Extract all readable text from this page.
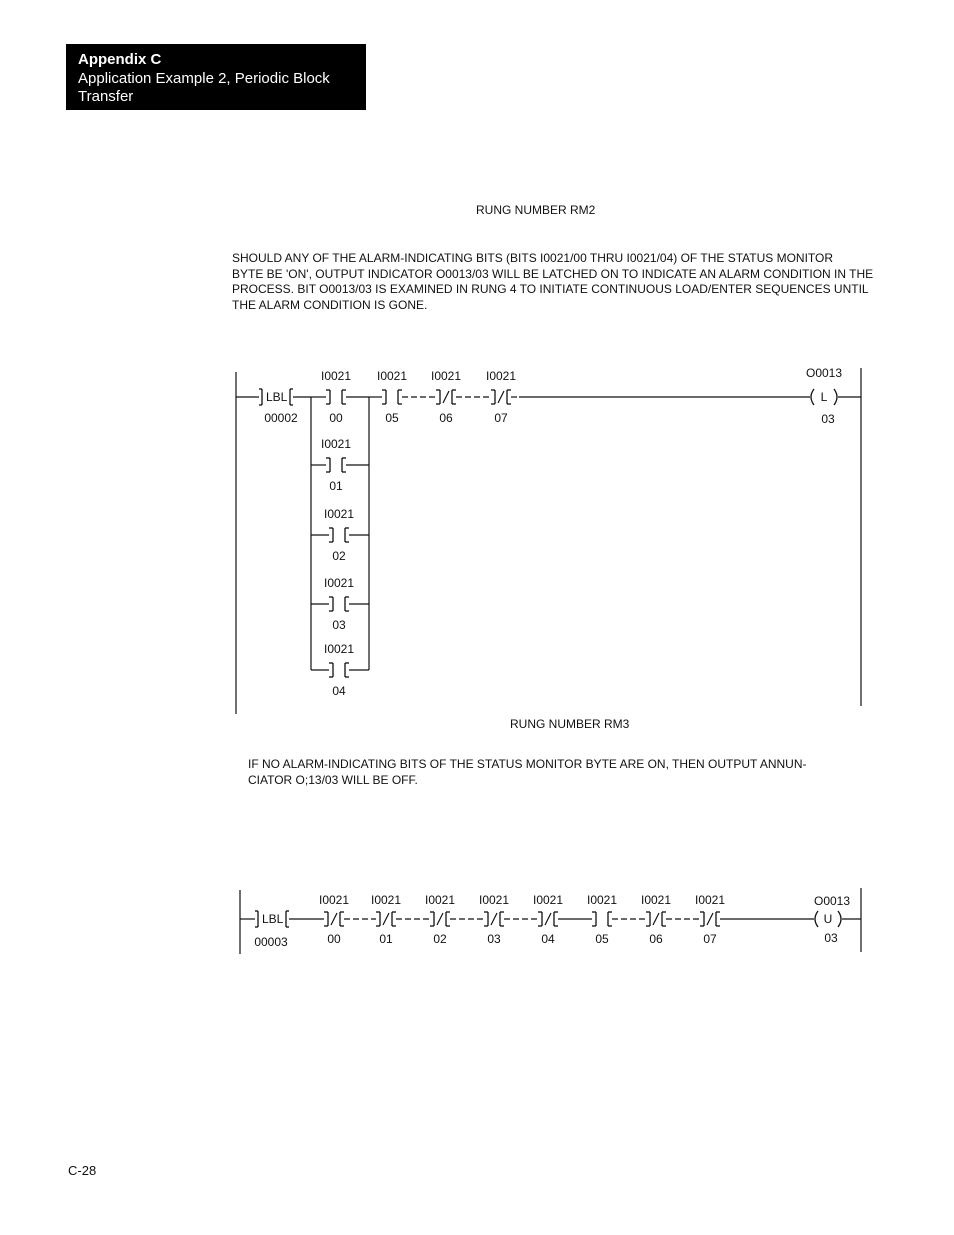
Appendix C
Application Example 2, Periodic Block Transfer
RUNG NUMBER RM2
SHOULD ANY OF THE ALARM-INDICATING BITS (BITS I0021/00 THRU I0021/04) OF THE STATUS MONITOR
BYTE BE 'ON', OUTPUT INDICATOR O0013/03 WILL BE LATCHED ON TO INDICATE AN ALARM CONDITION IN THE
PROCESS. BIT O0013/03 IS EXAMINED IN RUNG 4 TO INITIATE CONTINUOUS LOAD/ENTER SEQUENCES UNTIL
THE ALARM CONDITION IS GONE.
RUNG NUMBER RM3
IF NO ALARM-INDICATING BITS OF THE STATUS MONITOR BYTE ARE ON, THEN OUTPUT ANNUN-
CIATOR O;13/03 WILL BE OFF.
LBL
00002
I0021
00
I0021
01
I0021
02
I0021
03
I0021
04
I0021
05
I0021
06
I0021
07
L
O0013
03
LBL
00003
I0021
00
I0021
01
I0021
02
I0021
03
I0021
04
I0021
05
I0021
06
I0021
07
U
O0013
03
C-28
